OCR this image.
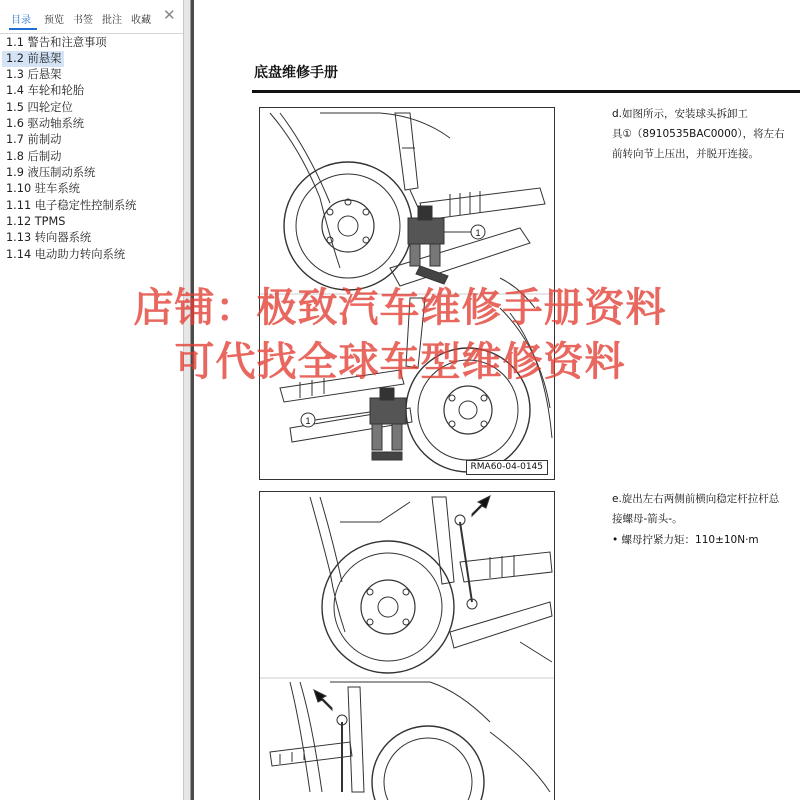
目录 预览 书签 批注 收藏 ✕
1.1 警告和注意事项
1.2 前悬架
1.3 后悬架
1.4 车轮和轮胎
1.5 四轮定位
1.6 驱动轴系统
1.7 前制动
1.8 后制动
1.9 液压制动系统
1.10 驻车系统
1.11 电子稳定性控制系统
1.12 TPMS
1.13 转向器系统
1.14 电动助力转向系统
底盘维修手册
1
1
RMA60-04-0145
d.如图所示，安装球头拆卸工
具①（8910535BAC0000），将左右
前转向节上压出，并脱开连接。
e.旋出左右两侧前横向稳定杆拉杆总
接螺母-箭头-。
• 螺母拧紧力矩：110±10N·m
店铺：极致汽车维修手册资料
可代找全球车型维修资料
